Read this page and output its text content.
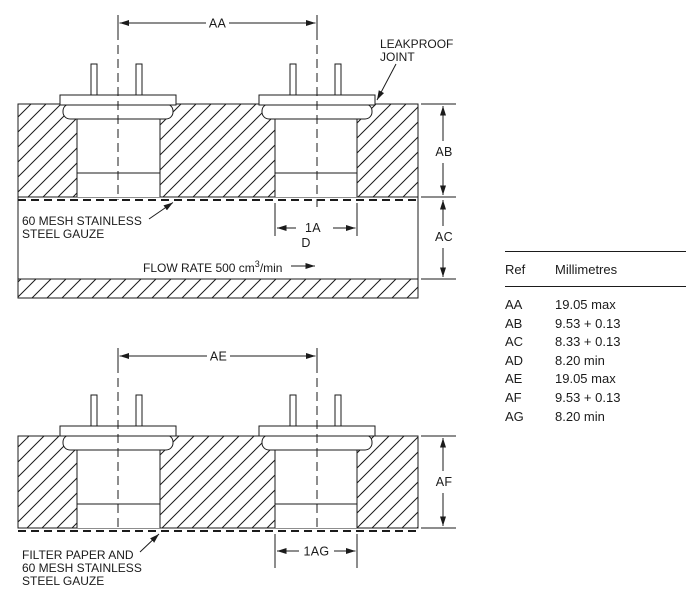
AA
AB
AC
1A
D
LEAKPROOF
JOINT
60 MESH STAINLESS
STEEL GAUZE
FLOW RATE 500 $cm^3/\min$
AE
AF
1AG
FILTER PAPER AND
60 MESH STAINLESS
STEEL GAUZE
Ref	Millimetres
AA	19.05 max
AB	9.53 + 0.13
AC	8.33 + 0.13
AD	8.20 min
AE	19.05 max
AF	9.53 + 0.13
AG	8.20 min
